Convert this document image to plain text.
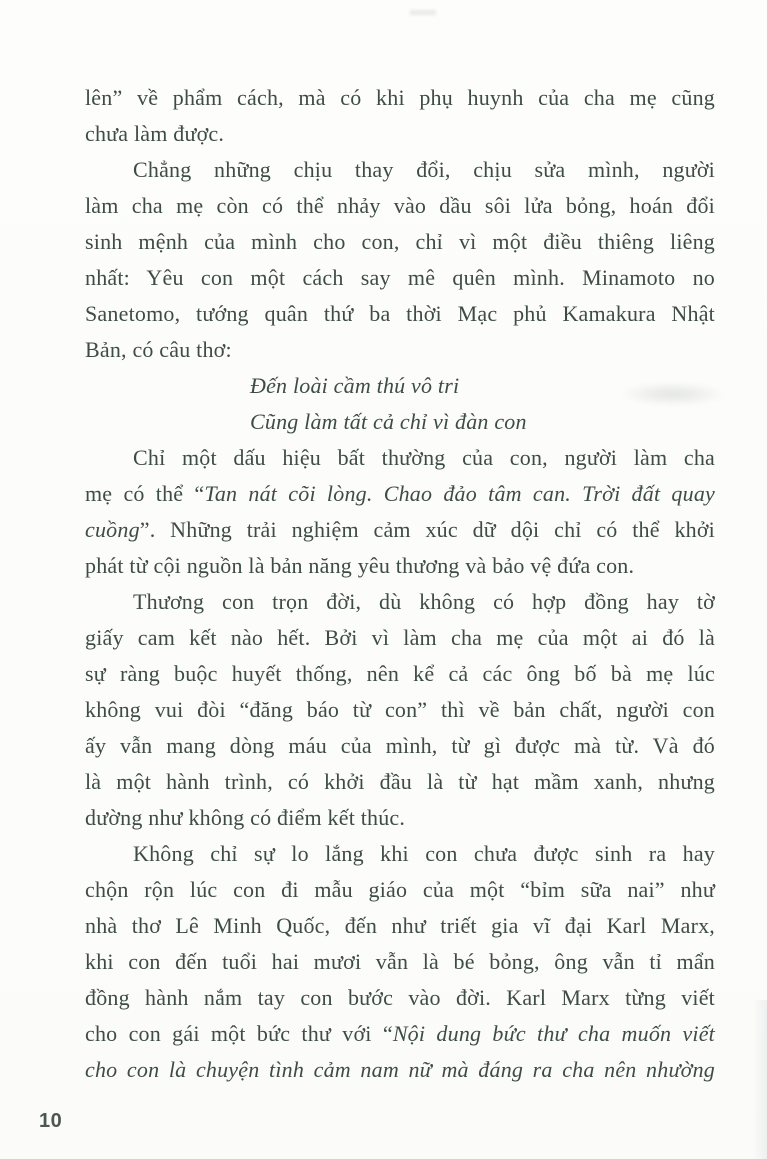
lên” về phẩm cách, mà có khi phụ huynh của cha mẹ cũng
chưa làm được.
Chẳng những chịu thay đổi, chịu sửa mình, người
làm cha mẹ còn có thể nhảy vào dầu sôi lửa bỏng, hoán đổi
sinh mệnh của mình cho con, chỉ vì một điều thiêng liêng
nhất: Yêu con một cách say mê quên mình. Minamoto no
Sanetomo, tướng quân thứ ba thời Mạc phủ Kamakura Nhật
Bản, có câu thơ:
Đến loài cầm thú vô tri
Cũng làm tất cả chỉ vì đàn con
Chỉ một dấu hiệu bất thường của con, người làm cha
mẹ có thể “Tan nát cõi lòng. Chao đảo tâm can. Trời đất quay
cuồng”. Những trải nghiệm cảm xúc dữ dội chỉ có thể khởi
phát từ cội nguồn là bản năng yêu thương và bảo vệ đứa con.
Thương con trọn đời, dù không có hợp đồng hay tờ
giấy cam kết nào hết. Bởi vì làm cha mẹ của một ai đó là
sự ràng buộc huyết thống, nên kể cả các ông bố bà mẹ lúc
không vui đòi “đăng báo từ con” thì về bản chất, người con
ấy vẫn mang dòng máu của mình, từ gì được mà từ. Và đó
là một hành trình, có khởi đầu là từ hạt mầm xanh, nhưng
dường như không có điểm kết thúc.
Không chỉ sự lo lắng khi con chưa được sinh ra hay
chộn rộn lúc con đi mẫu giáo của một “bỉm sữa nai” như
nhà thơ Lê Minh Quốc, đến như triết gia vĩ đại Karl Marx,
khi con đến tuổi hai mươi vẫn là bé bỏng, ông vẫn tỉ mẩn
đồng hành nắm tay con bước vào đời. Karl Marx từng viết
cho con gái một bức thư với “Nội dung bức thư cha muốn viết
cho con là chuyện tình cảm nam nữ mà đáng ra cha nên nhường
10
